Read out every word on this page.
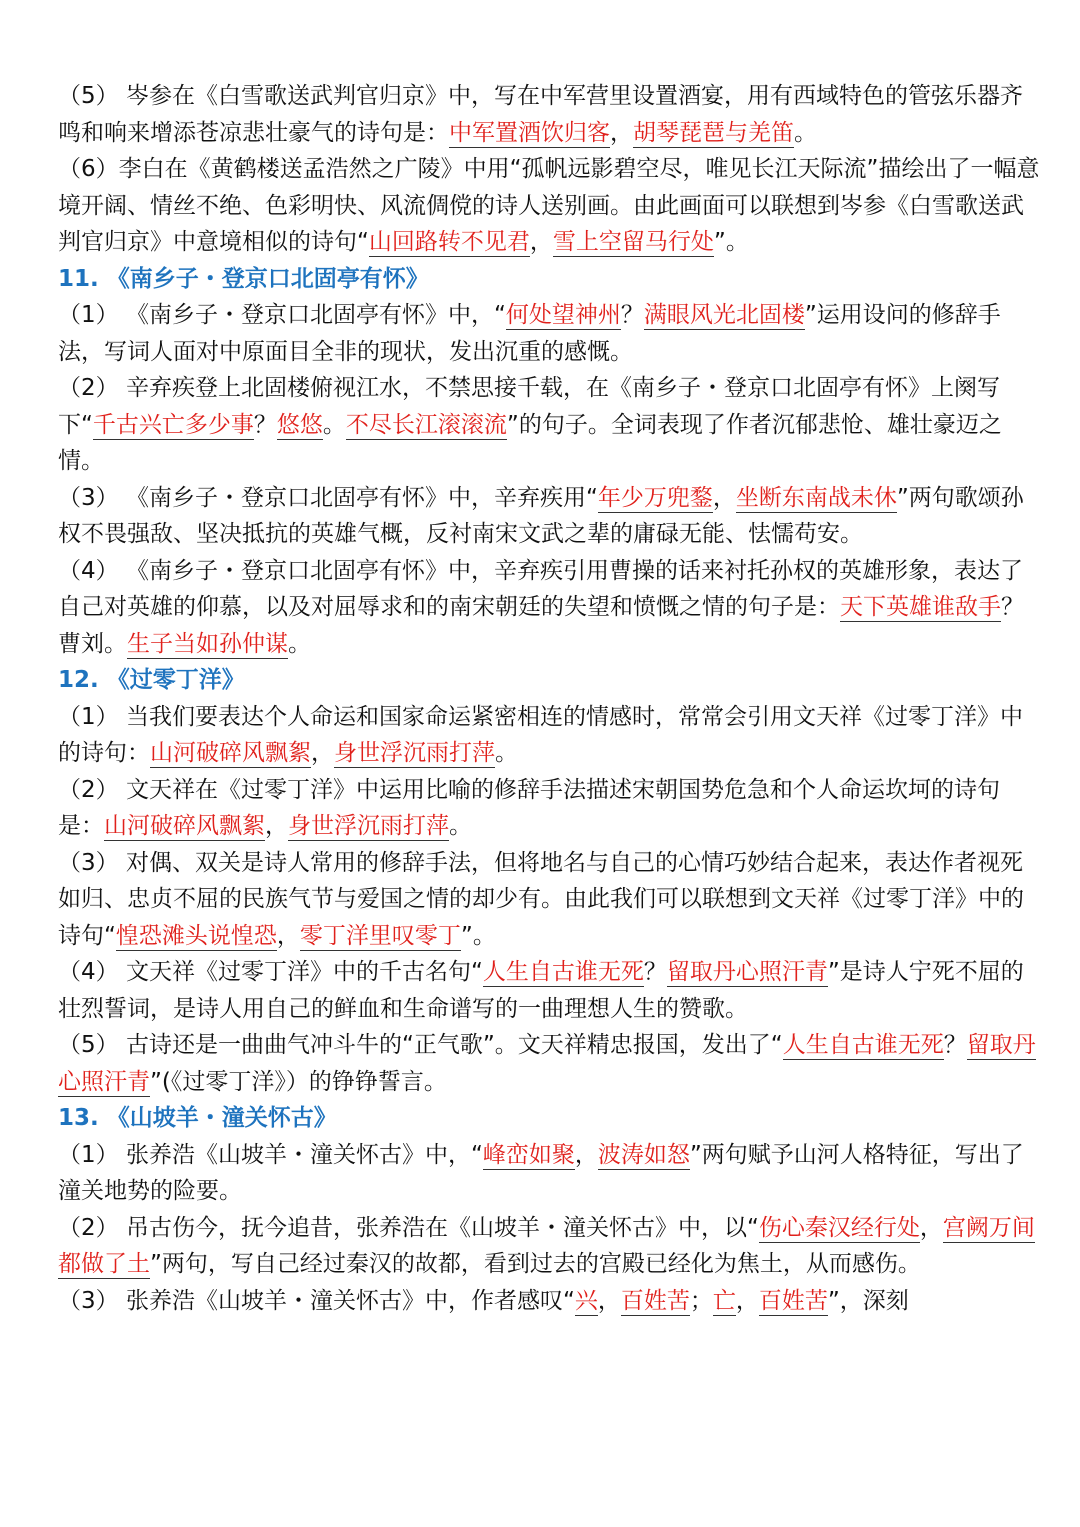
（5） 岑参在《白雪歌送武判官归京》中，写在中军营里设置酒宴，用有西域特色的管弦乐器齐鸣和响来增添苍凉悲壮豪气的诗句是：中军置酒饮归客，胡琴琵琶与羌笛。

（6）李白在《黄鹤楼送孟浩然之广陵》中用“孤帆远影碧空尽，唯见长江天际流”描绘出了一幅意境开阔、情丝不绝、色彩明快、风流倜傥的诗人送别画。由此画面可以联想到岑参《白雪歌送武判官归京》中意境相似的诗句“山回路转不见君，雪上空留马行处”。

11. 《南乡子・登京口北固亭有怀》

（1） 《南乡子・登京口北固亭有怀》中，“何处望神州？满眼风光北固楼”运用设问的修辞手法，写词人面对中原面目全非的现状，发出沉重的感慨。

（2） 辛弃疾登上北固楼俯视江水，不禁思接千载，在《南乡子・登京口北固亭有怀》上阕写下“千古兴亡多少事？悠悠。不尽长江滚滚流”的句子。全词表现了作者沉郁悲怆、雄壮豪迈之情。

（3） 《南乡子・登京口北固亭有怀》中，辛弃疾用“年少万兜鍪，坐断东南战未休”两句歌颂孙权不畏强敌、坚决抵抗的英雄气概，反衬南宋文武之辈的庸碌无能、怯懦苟安。

（4） 《南乡子・登京口北固亭有怀》中，辛弃疾引用曹操的话来衬托孙权的英雄形象，表达了自己对英雄的仰慕，以及对屈辱求和的南宋朝廷的失望和愤慨之情的句子是：天下英雄谁敌手？曹刘。生子当如孙仲谋。

12. 《过零丁洋》

（1） 当我们要表达个人命运和国家命运紧密相连的情感时，常常会引用文天祥《过零丁洋》中的诗句：山河破碎风飘絮，身世浮沉雨打萍。

（2） 文天祥在《过零丁洋》中运用比喻的修辞手法描述宋朝国势危急和个人命运坎坷的诗句是：山河破碎风飘絮，身世浮沉雨打萍。

（3） 对偶、双关是诗人常用的修辞手法，但将地名与自己的心情巧妙结合起来，表达作者视死如归、忠贞不屈的民族气节与爱国之情的却少有。由此我们可以联想到文天祥《过零丁洋》中的诗句“惶恐滩头说惶恐，零丁洋里叹零丁”。

（4） 文天祥《过零丁洋》中的千古名句“人生自古谁无死？留取丹心照汗青”是诗人宁死不屈的壮烈誓词，是诗人用自己的鲜血和生命谱写的一曲理想人生的赞歌。

（5） 古诗还是一曲曲气冲斗牛的“正气歌”。文天祥精忠报国，发出了“人生自古谁无死？留取丹心照汗青”(《过零丁洋》）的铮铮誓言。

13. 《山坡羊・潼关怀古》

（1） 张养浩《山坡羊・潼关怀古》中，“峰峦如聚，波涛如怒”两句赋予山河人格特征，写出了潼关地势的险要。

（2） 吊古伤今，抚今追昔，张养浩在《山坡羊・潼关怀古》中，以“伤心秦汉经行处，宫阙万间都做了土”两句，写自己经过秦汉的故都，看到过去的宫殿已经化为焦土，从而感伤。

（3） 张养浩《山坡羊・潼关怀古》中，作者感叹“兴，百姓苦；亡，百姓苦”，深刻
